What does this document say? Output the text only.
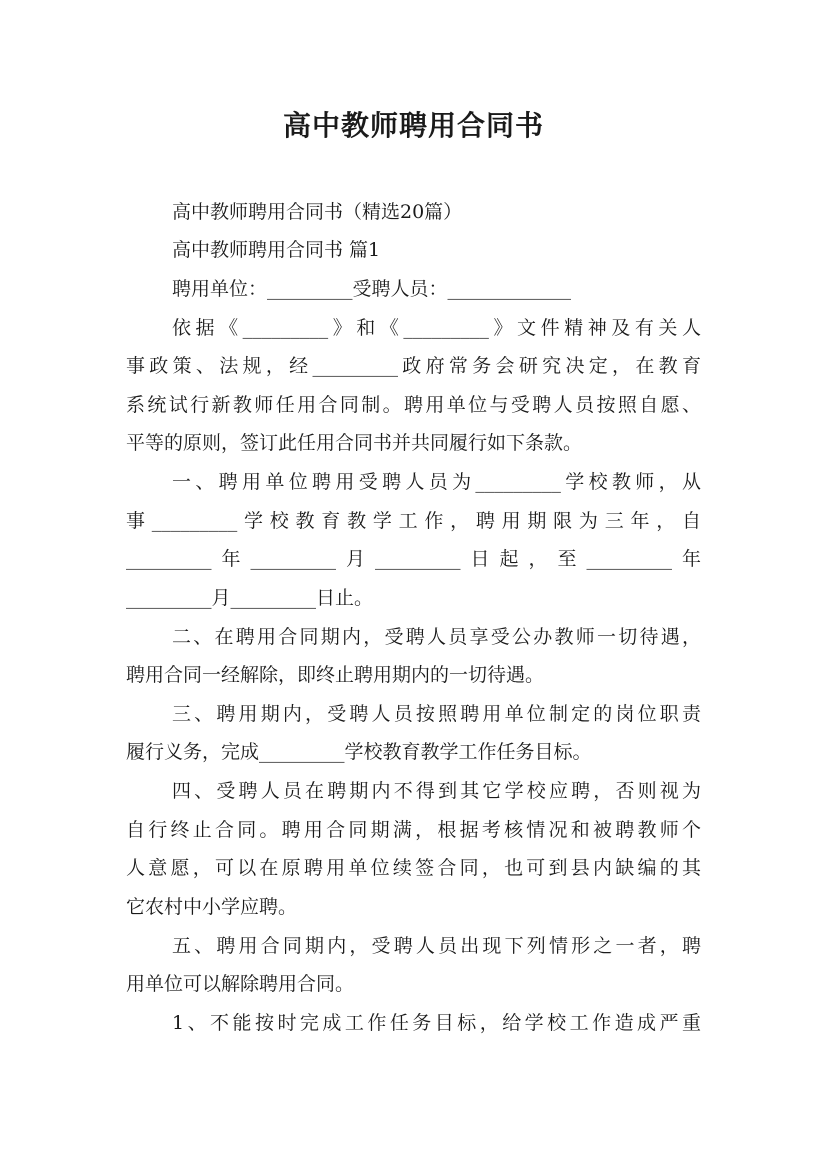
高中教师聘用合同书

高中教师聘用合同书（精选20篇）

高中教师聘用合同书 篇1

聘用单位：_________受聘人员：_____________

依据《_________》和《_________》文件精神及有关人

事政策、法规，经_________政府常务会研究决定，在教育

系统试行新教师任用合同制。聘用单位与受聘人员按照自愿、

平等的原则，签订此任用合同书并共同履行如下条款。

一、聘用单位聘用受聘人员为_________学校教师，从

事_________学校教育教学工作，聘用期限为三年，自

_________年_________月_________日起，至_________年

_________月_________日止。

二、在聘用合同期内，受聘人员享受公办教师一切待遇，

聘用合同一经解除，即终止聘用期内的一切待遇。

三、聘用期内，受聘人员按照聘用单位制定的岗位职责

履行义务，完成_________学校教育教学工作任务目标。

四、受聘人员在聘期内不得到其它学校应聘，否则视为

自行终止合同。聘用合同期满，根据考核情况和被聘教师个

人意愿，可以在原聘用单位续签合同，也可到县内缺编的其

它农村中小学应聘。

五、聘用合同期内，受聘人员出现下列情形之一者，聘

用单位可以解除聘用合同。

1、不能按时完成工作任务目标，给学校工作造成严重
